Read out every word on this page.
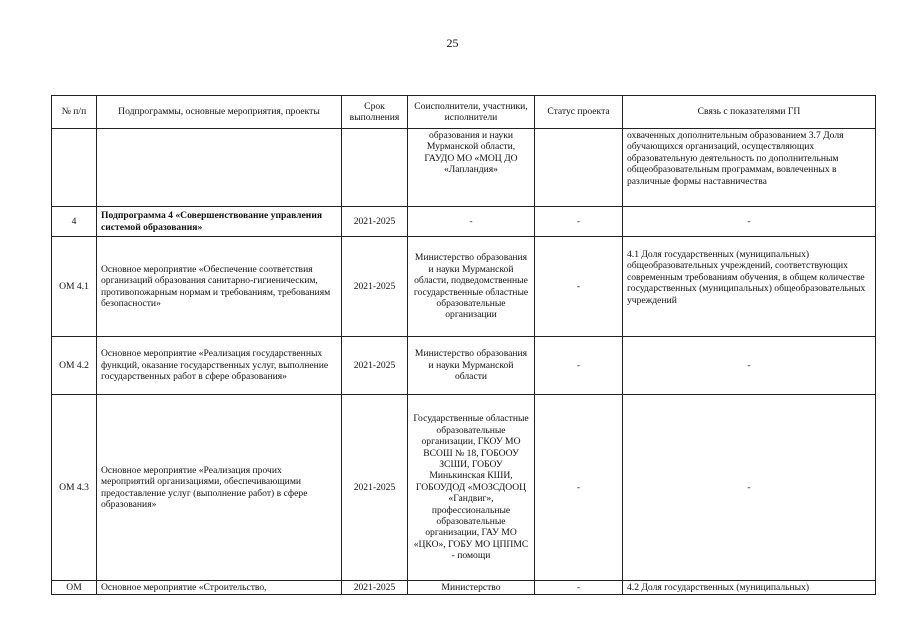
25
№ п/п	Подпрограммы, основные мероприятия, проекты	Срок выполнения	Соисполнители, участники, исполнители	Статус проекта	Связь с показателями ГП
			образования и науки Мурманской области, ГАУДО МО «МОЦ ДО «Лапландия»		охваченных дополнительным образованием 3.7 Доля обучающихся организаций, осуществляющих образовательную деятельность по дополнительным общеобразовательным программам, вовлеченных в различные формы наставничества
4	Подпрограмма 4 «Совершенствование управления системой образования»	2021-2025	-	-	-
ОМ 4.1	Основное мероприятие «Обеспечение соответствия организаций образования санитарно-гигиеническим, противопожарным нормам и требованиям, требованиям безопасности»	2021-2025	Министерство образования и науки Мурманской области, подведомственные государственные областные образовательные организации	-	4.1 Доля государственных (муниципальных) общеобразовательных учреждений, соответствующих современным требованиям обучения, в общем количестве государственных (муниципальных) общеобразовательных учреждений
ОМ 4.2	Основное мероприятие «Реализация государственных функций, оказание государственных услуг, выполнение государственных работ в сфере образования»	2021-2025	Министерство образования и науки Мурманской области	-	-
ОМ 4.3	Основное мероприятие «Реализация прочих мероприятий организациями, обеспечивающими предоставление услуг (выполнение работ) в сфере образования»	2021-2025	Государственные областные образовательные организации, ГКОУ МО ВСОШ № 18, ГОБООУ ЗСШИ, ГОБОУ Минькинская КШИ, ГОБОУДОД «МОЗСДООЦ «Гандвиг», профессиональные образовательные организации, ГАУ МО «ЦКО», ГОБУ МО ЦППМС - помощи	-	-
ОМ	Основное мероприятие «Строительство,	2021-2025	Министерство	-	4.2 Доля государственных (муниципальных)
